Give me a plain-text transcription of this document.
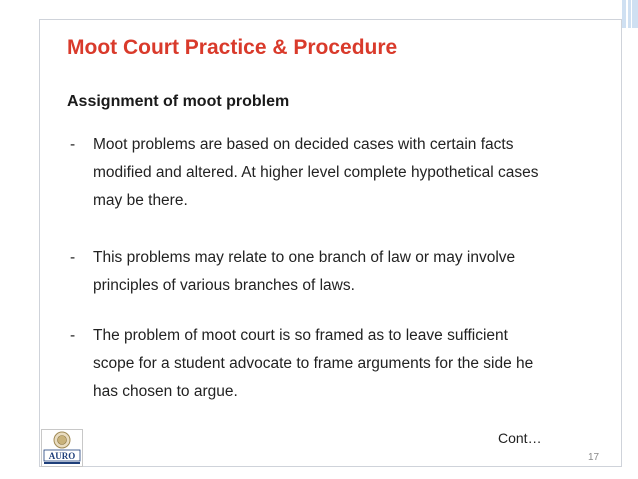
Moot Court Practice & Procedure
Assignment of moot problem
-	Moot problems are based on decided cases with certain facts
modified and altered. At higher level complete hypothetical cases
may be there.
-	This problems may relate to one branch of law or may involve
principles of various branches of laws.
-	The problem of moot court is so framed as to leave sufficient
scope for a student advocate to frame arguments for the side he
has chosen to argue.
Cont…
17
AURO
